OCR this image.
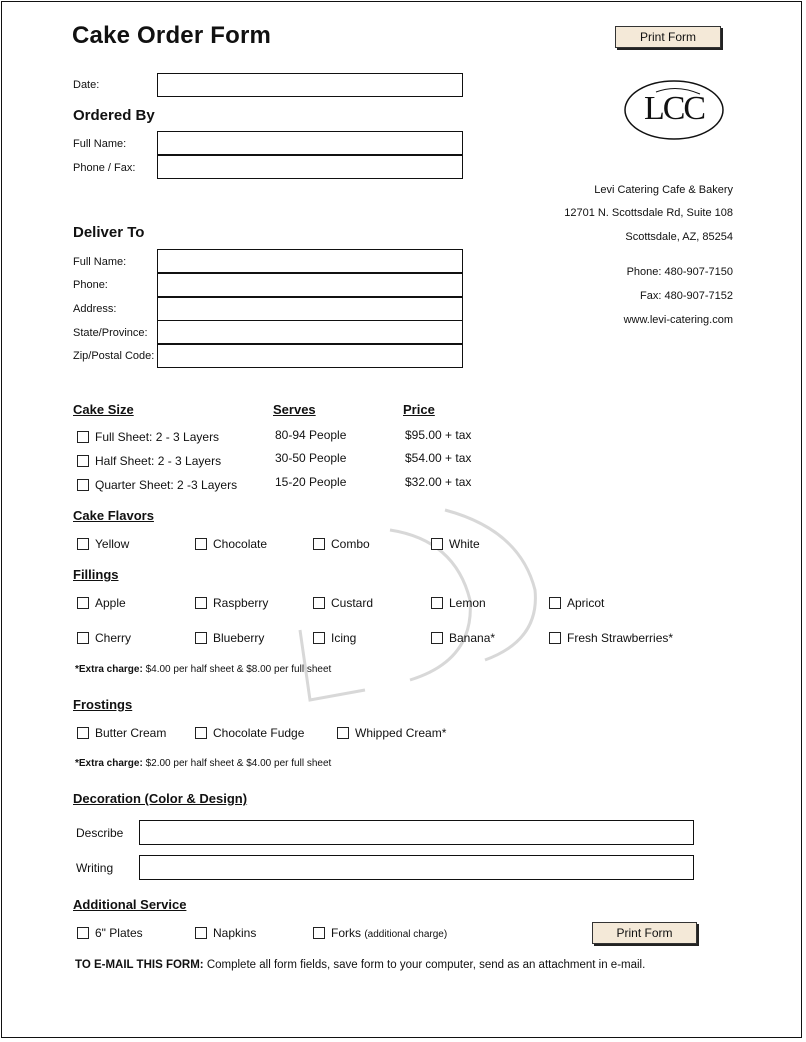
Cake Order Form	Print Form
LCC
Date:
Ordered By
Full Name:
Phone / Fax:
Levi Catering Cafe & Bakery
12701 N. Scottsdale Rd, Suite 108
Scottsdale, AZ, 85254
Phone: 480-907-7150
Fax: 480-907-7152
www.levi-catering.com
Deliver To
Full Name:
Phone:
Address:
State/Province:
Zip/Postal Code:
Cake Size	Serves	Price
Full Sheet: 2 - 3 Layers	80-94 People	$95.00 + tax
Half Sheet: 2 - 3 Layers	30-50 People	$54.00 + tax
Quarter Sheet: 2 -3 Layers	15-20 People	$32.00 + tax
Cake Flavors
Yellow	Chocolate	Combo	White
Fillings
Apple	Raspberry	Custard	Lemon	Apricot
Cherry	Blueberry	Icing	Banana*	Fresh Strawberries*
*Extra charge: $4.00 per half sheet & $8.00 per full sheet
Frostings
Butter Cream	Chocolate Fudge	Whipped Cream*
*Extra charge: $2.00 per half sheet & $4.00 per full sheet
Decoration (Color & Design)
Describe
Writing
Additional Service
6" Plates	Napkins	Forks (additional charge)	Print Form
TO E-MAIL THIS FORM: Complete all form fields, save form to your computer, send as an attachment in e-mail.
